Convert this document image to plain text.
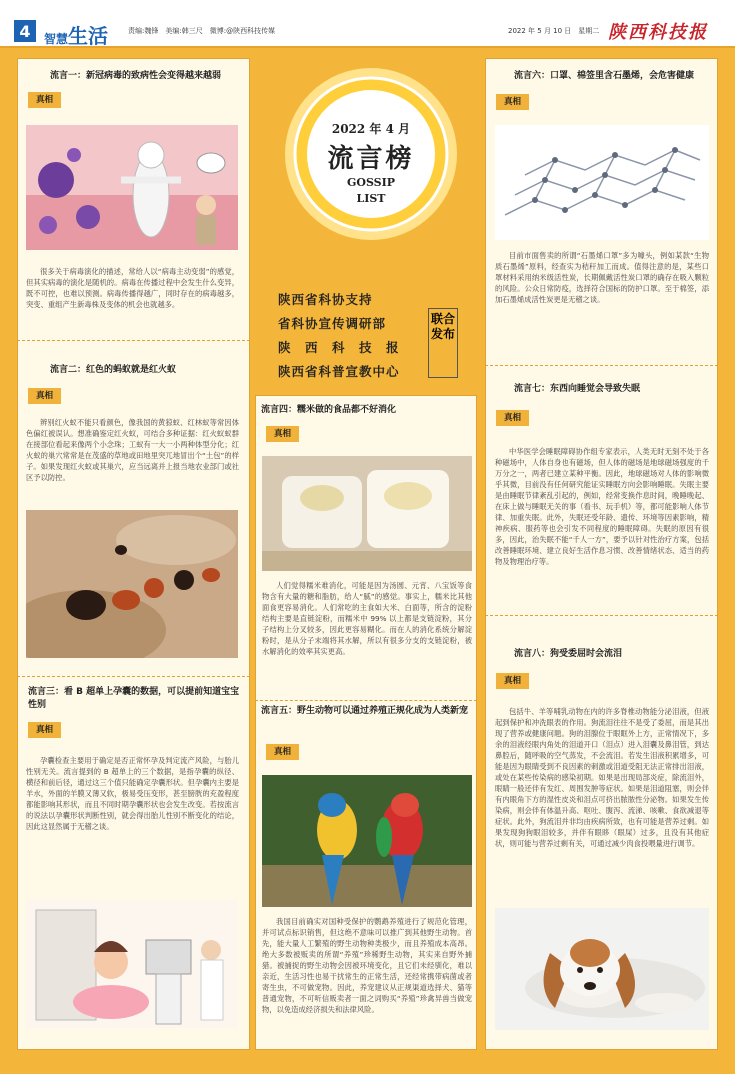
4	智慧生活	责编:魏锋　美编:韩三尺　微博:@陕西科技传媒	2022 年 5 月 10 日　星期二 陕西科技报
流言一：新冠病毒的致病性会变得越来越弱
真相
很多关于病毒演化的描述，常给人以“病毒主动变弱”的感觉，但其实病毒的演化是随机的。病毒在传播过程中会发生什么变异，既不可控，也难以预测。病毒传播得越广，同时存在的病毒越多，突变、重组产生新毒株及变体的机会也就越多。
流言二：红色的蚂蚁就是红火蚁
真相
辨别红火蚁不能只看颜色，像我国的黄猄蚁、红林蚁等常因体色偏红被误认。想准确鉴定红火蚁，可结合多种证据：红火蚁蚁群在接部位看起来像两个小念珠；工蚁有一大一小两种体型分化；红火蚁的巢穴常常是在茂盛的草地或田地里突兀地冒出个“土包”的样子。如果发现红火蚁或其巢穴，应当远离并上报当地农业部门或社区予以防控。
流言三：看 B 超单上孕囊的数据，可以提前知道宝宝性别
真相
孕囊检查主要用于确定是否正常怀孕及判定流产风险，与胎儿性别无关。流言提到的 B 超单上的三个数据，是指孕囊的纵径、横径和前后径，通过这三个值只能确定孕囊形状。但孕囊内主要是羊水，外面的羊膜又薄又软，极易受压变形，甚至膀胱的充盈程度都能影响其形状，而且不同时期孕囊形状也会发生改变。若按流言的说法以孕囊形状判断性别，就会得出胎儿性别不断变化的结论，因此这显然属于无稽之谈。
2022 年 4 月
流言榜
GOSSIP
LIST
陕西省科协支持
省科协宣传调研部
陕　西　科　技　报
陕西省科普宣教中心
联合发布
流言四：糯米做的食品都不好消化
真相
人们觉得糯米难消化，可能是因为汤圆、元宵、八宝饭等食物含有大量的糖和脂肪，给人“腻”的感觉。事实上，糯米比其他面食更容易消化。人们常吃的主食如大米、白面等，所含的淀粉结构主要是直链淀粉，而糯米中 99% 以上都是支链淀粉，其分子结构上分叉较多，因此更容易糊化。而在人的消化系统分解淀粉时，是从分子末端将其水解，所以有很多分支的支链淀粉，被水解消化的效率其实更高。
流言五：野生动物可以通过养殖正规化成为人类新宠
真相
我国目前确实对国种受保护的鹦鹉养殖进行了规范化管理，并可试点标识销售，但这绝不意味可以推广到其他野生动物。首先，能大量人工繁殖的野生动物种类极少，而且养殖成本高昂。绝大多数被贩卖的所谓“养殖”珍稀野生动物，其实来自野外捕猎。被捕捉的野生动物会因被环境变化，且它们未经驯化，难以亲近，生活习性也易干扰常生的正常生活，还经常携带病菌或者寄生虫，不可做宠物。因此，养宠建议从正规渠道选择犬、猫等普通宠物，不可听信贩卖者一面之词购买“养殖”珍禽异兽当做宠物，以免造成经济损失和法律风险。
流言六：口罩、棉签里含石墨烯，会危害健康
真相
目前市面售卖的所谓“石墨烯口罩”多为噱头，例如某款“生物质石墨烯”原料，经查实为秸秆加工而成。值得注意的是，某些口罩材料采用纳米级活性炭，长期佩戴活性炭口罩的确存在吸入颗粒的风险。公众日常防疫，选择符合国标的防护口罩。至于棉签，添加石墨烯成活性炭更是无稽之谈。
流言七：东西向睡觉会导致失眠
真相
中华医学会睡眠障碍协作组专家表示，人类无时无刻不处于各种磁场中，人体自身也有磁场，但人体的磁场是地球磁场强度的千万分之一，两者已建立某种平衡。因此，地球磁场对人体的影响微乎其微，目前没有任何研究能证实睡眠方向会影响睡眠。失眠主要是由睡眠节律紊乱引起的，例如，经常变换作息时间，晚睡晚起、在床上做与睡眠无关的事（看书、玩手机）等，都可能影响人体节律、加重失眠。此外，失眠还受年龄、遗传、环境等因素影响，精神疾病、服药等也会引发不同程度的睡眠障碍。失眠的原因有很多，因此，治失眠不能“千人一方”，要予以针对性治疗方案，包括改善睡眠环境、建立良好生活作息习惯、改善情绪状态、适当的药物及物理治疗等。
流言八：狗受委屈时会流泪
真相
包括牛、羊等哺乳动物在内的许多脊椎动物能分泌泪液，但液起到保护和冲洗眼表的作用。狗流泪往往不是受了委屈，而是其出现了营养或健康问题。狗的泪腺位于眼眶外上方，正常情况下，多余的泪液经眼内角处的泪道开口（泪点）进入泪囊及鼻泪管，到达鼻腔后，随呼吸的空气蒸发，不会流泪。若发生泪液积累增多，可能是因为眼睛受到不良因素的刺激或泪道受阻无法正常排出泪液，或处在某些传染病的感染初期。如果是出现局部炎症，除流泪外，眼睛一般还伴有发红、周围发肿等症状。如果是泪道阻塞，则会伴有内眼角下方的湿性皮炎和泪点可挤出脓脓性分泌物。如果发生传染病，则会伴有体温升高、呕吐、腹泻、流涕、咳嗽、食欲减退等症状。此外，狗流泪并非均由疾病所致，也有可能是营养过剩。如果发现狗狗眼泪较多，并伴有眼眵（眼屎）过多，且没有其他症状，则可能与营养过剩有关，可通过减少肉食投喂量进行调节。
